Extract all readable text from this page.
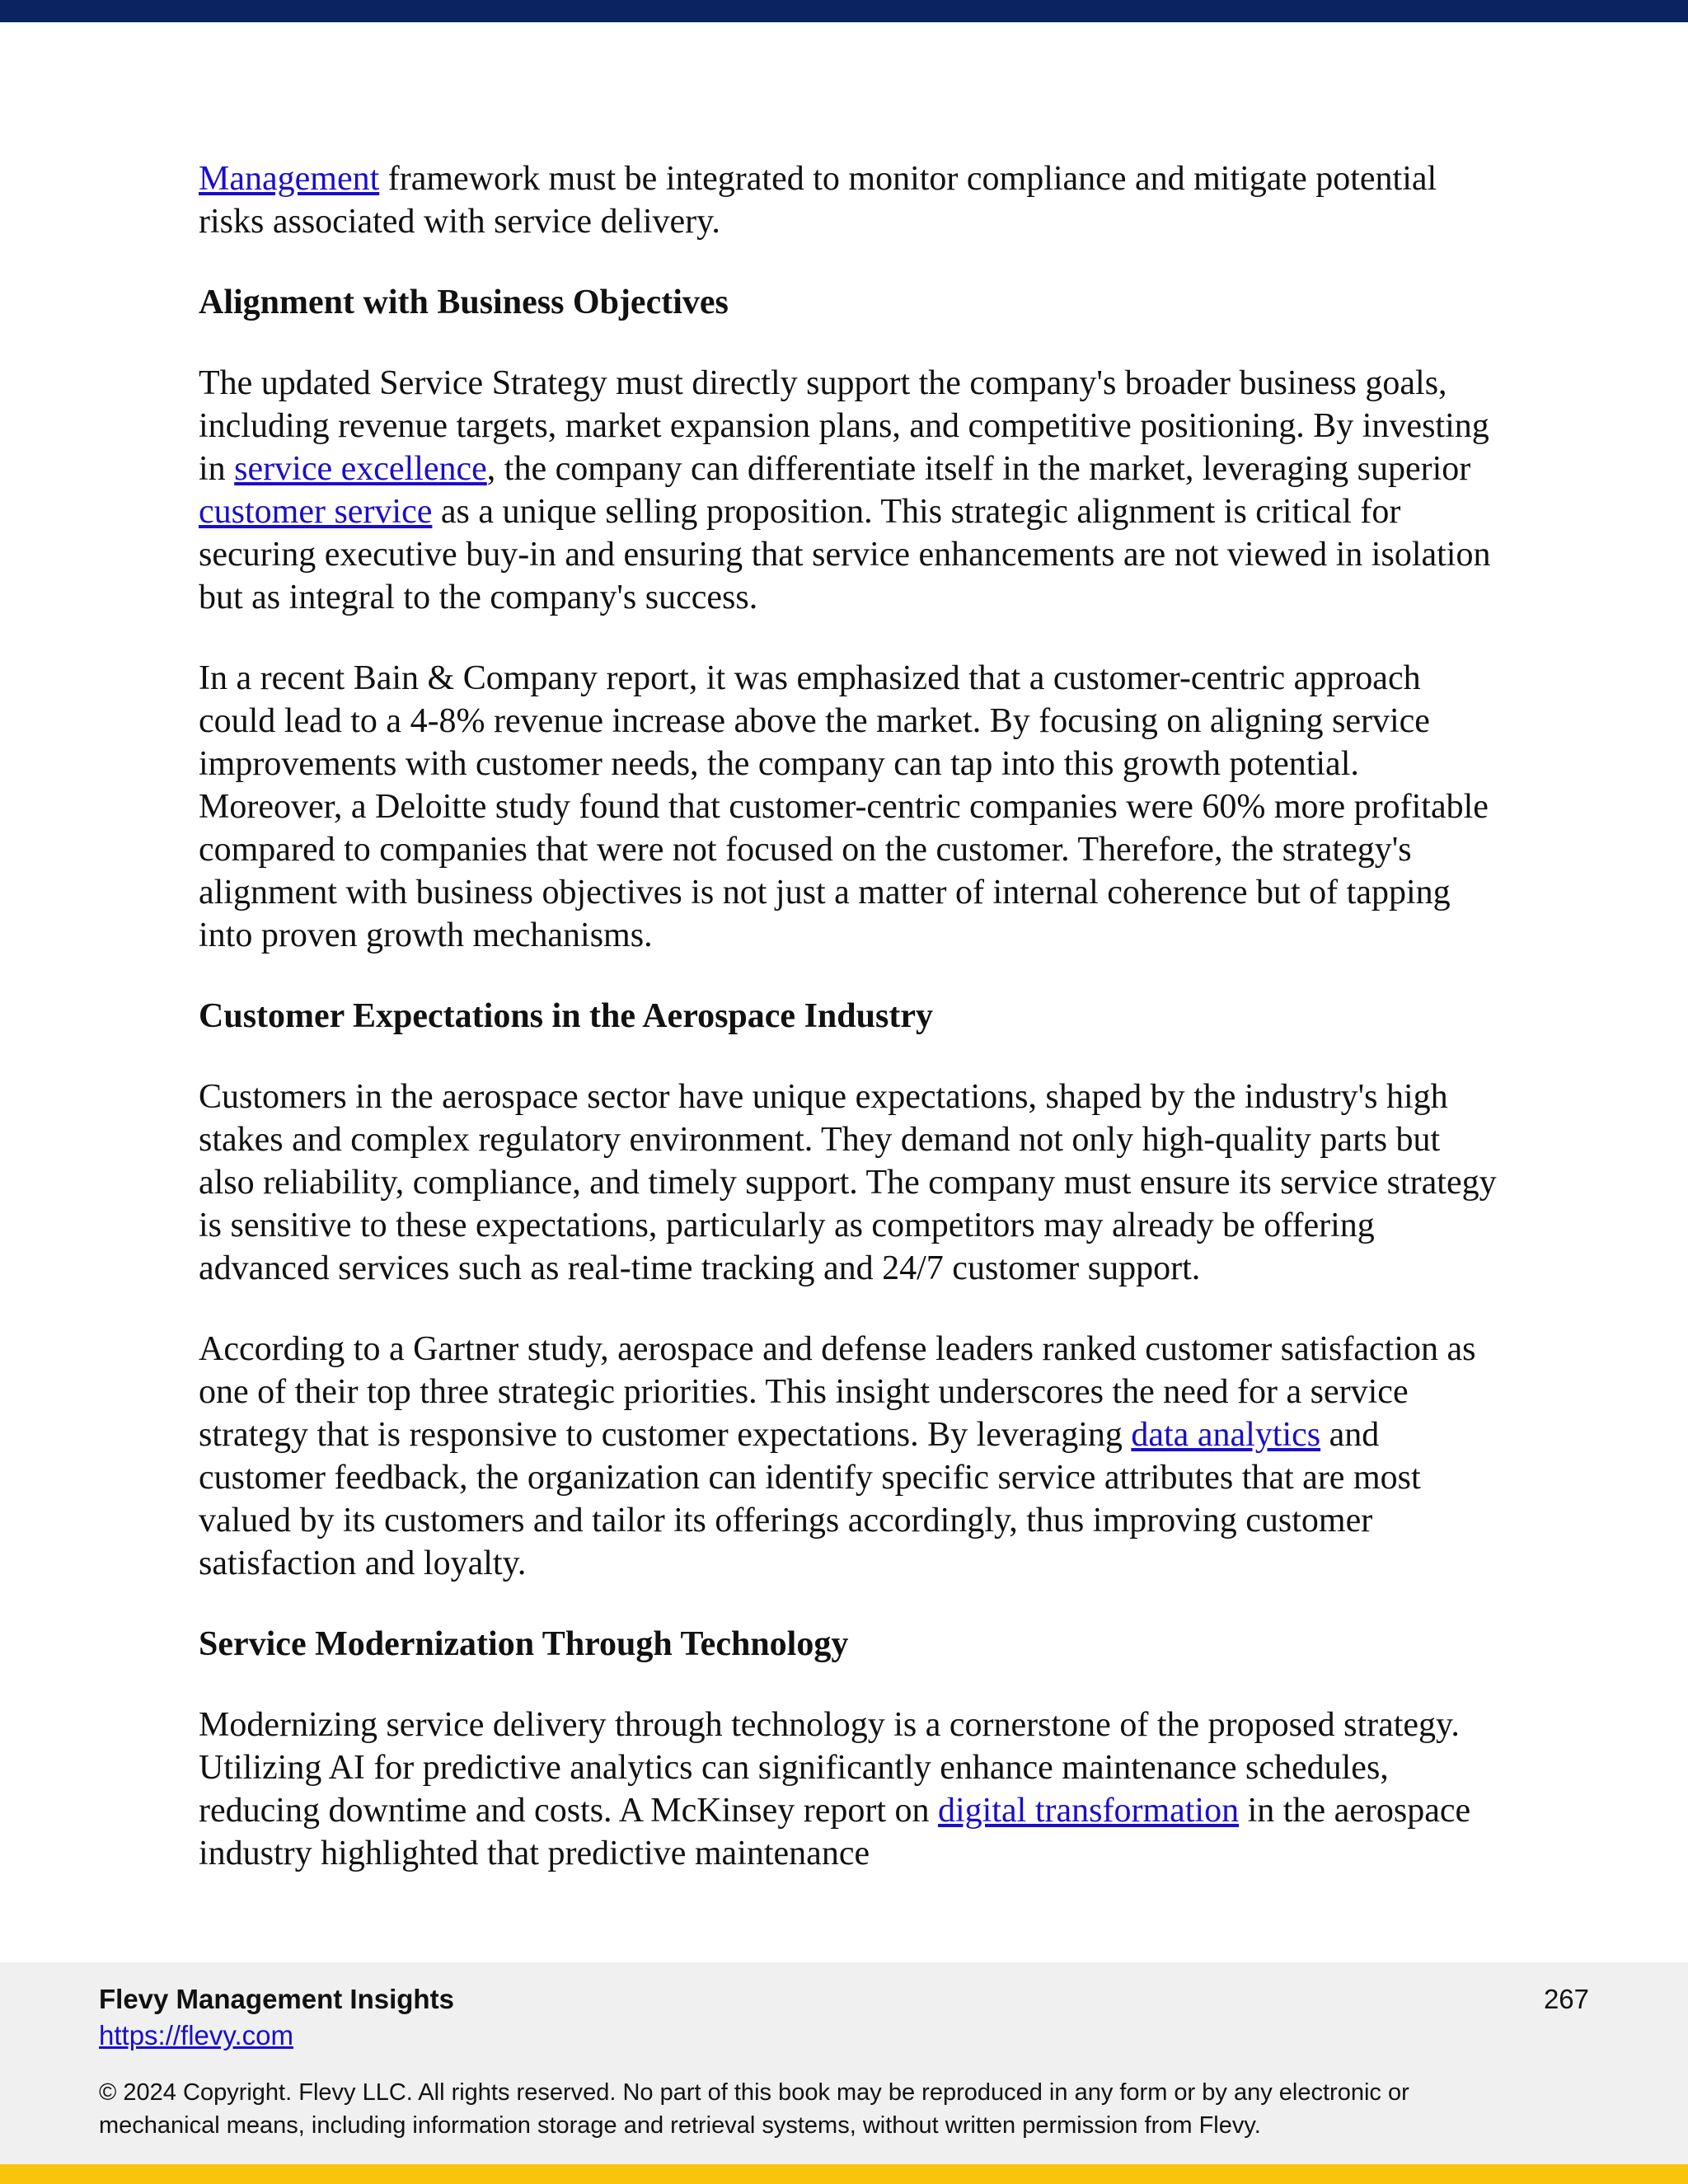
Management framework must be integrated to monitor compliance and mitigate potential risks associated with service delivery.

Alignment with Business Objectives

The updated Service Strategy must directly support the company's broader business goals, including revenue targets, market expansion plans, and competitive positioning. By investing in service excellence, the company can differentiate itself in the market, leveraging superior customer service as a unique selling proposition. This strategic alignment is critical for securing executive buy-in and ensuring that service enhancements are not viewed in isolation but as integral to the company's success.

In a recent Bain & Company report, it was emphasized that a customer-centric approach could lead to a 4-8% revenue increase above the market. By focusing on aligning service improvements with customer needs, the company can tap into this growth potential. Moreover, a Deloitte study found that customer-centric companies were 60% more profitable compared to companies that were not focused on the customer. Therefore, the strategy's alignment with business objectives is not just a matter of internal coherence but of tapping into proven growth mechanisms.

Customer Expectations in the Aerospace Industry

Customers in the aerospace sector have unique expectations, shaped by the industry's high stakes and complex regulatory environment. They demand not only high-quality parts but also reliability, compliance, and timely support. The company must ensure its service strategy is sensitive to these expectations, particularly as competitors may already be offering advanced services such as real-time tracking and 24/7 customer support.

According to a Gartner study, aerospace and defense leaders ranked customer satisfaction as one of their top three strategic priorities. This insight underscores the need for a service strategy that is responsive to customer expectations. By leveraging data analytics and customer feedback, the organization can identify specific service attributes that are most valued by its customers and tailor its offerings accordingly, thus improving customer satisfaction and loyalty.

Service Modernization Through Technology

Modernizing service delivery through technology is a cornerstone of the proposed strategy. Utilizing AI for predictive analytics can significantly enhance maintenance schedules, reducing downtime and costs. A McKinsey report on digital transformation in the aerospace industry highlighted that predictive maintenance

Flevy Management Insights
https://flevy.com
267
© 2024 Copyright. Flevy LLC. All rights reserved. No part of this book may be reproduced in any form or by any electronic or mechanical means, including information storage and retrieval systems, without written permission from Flevy.
